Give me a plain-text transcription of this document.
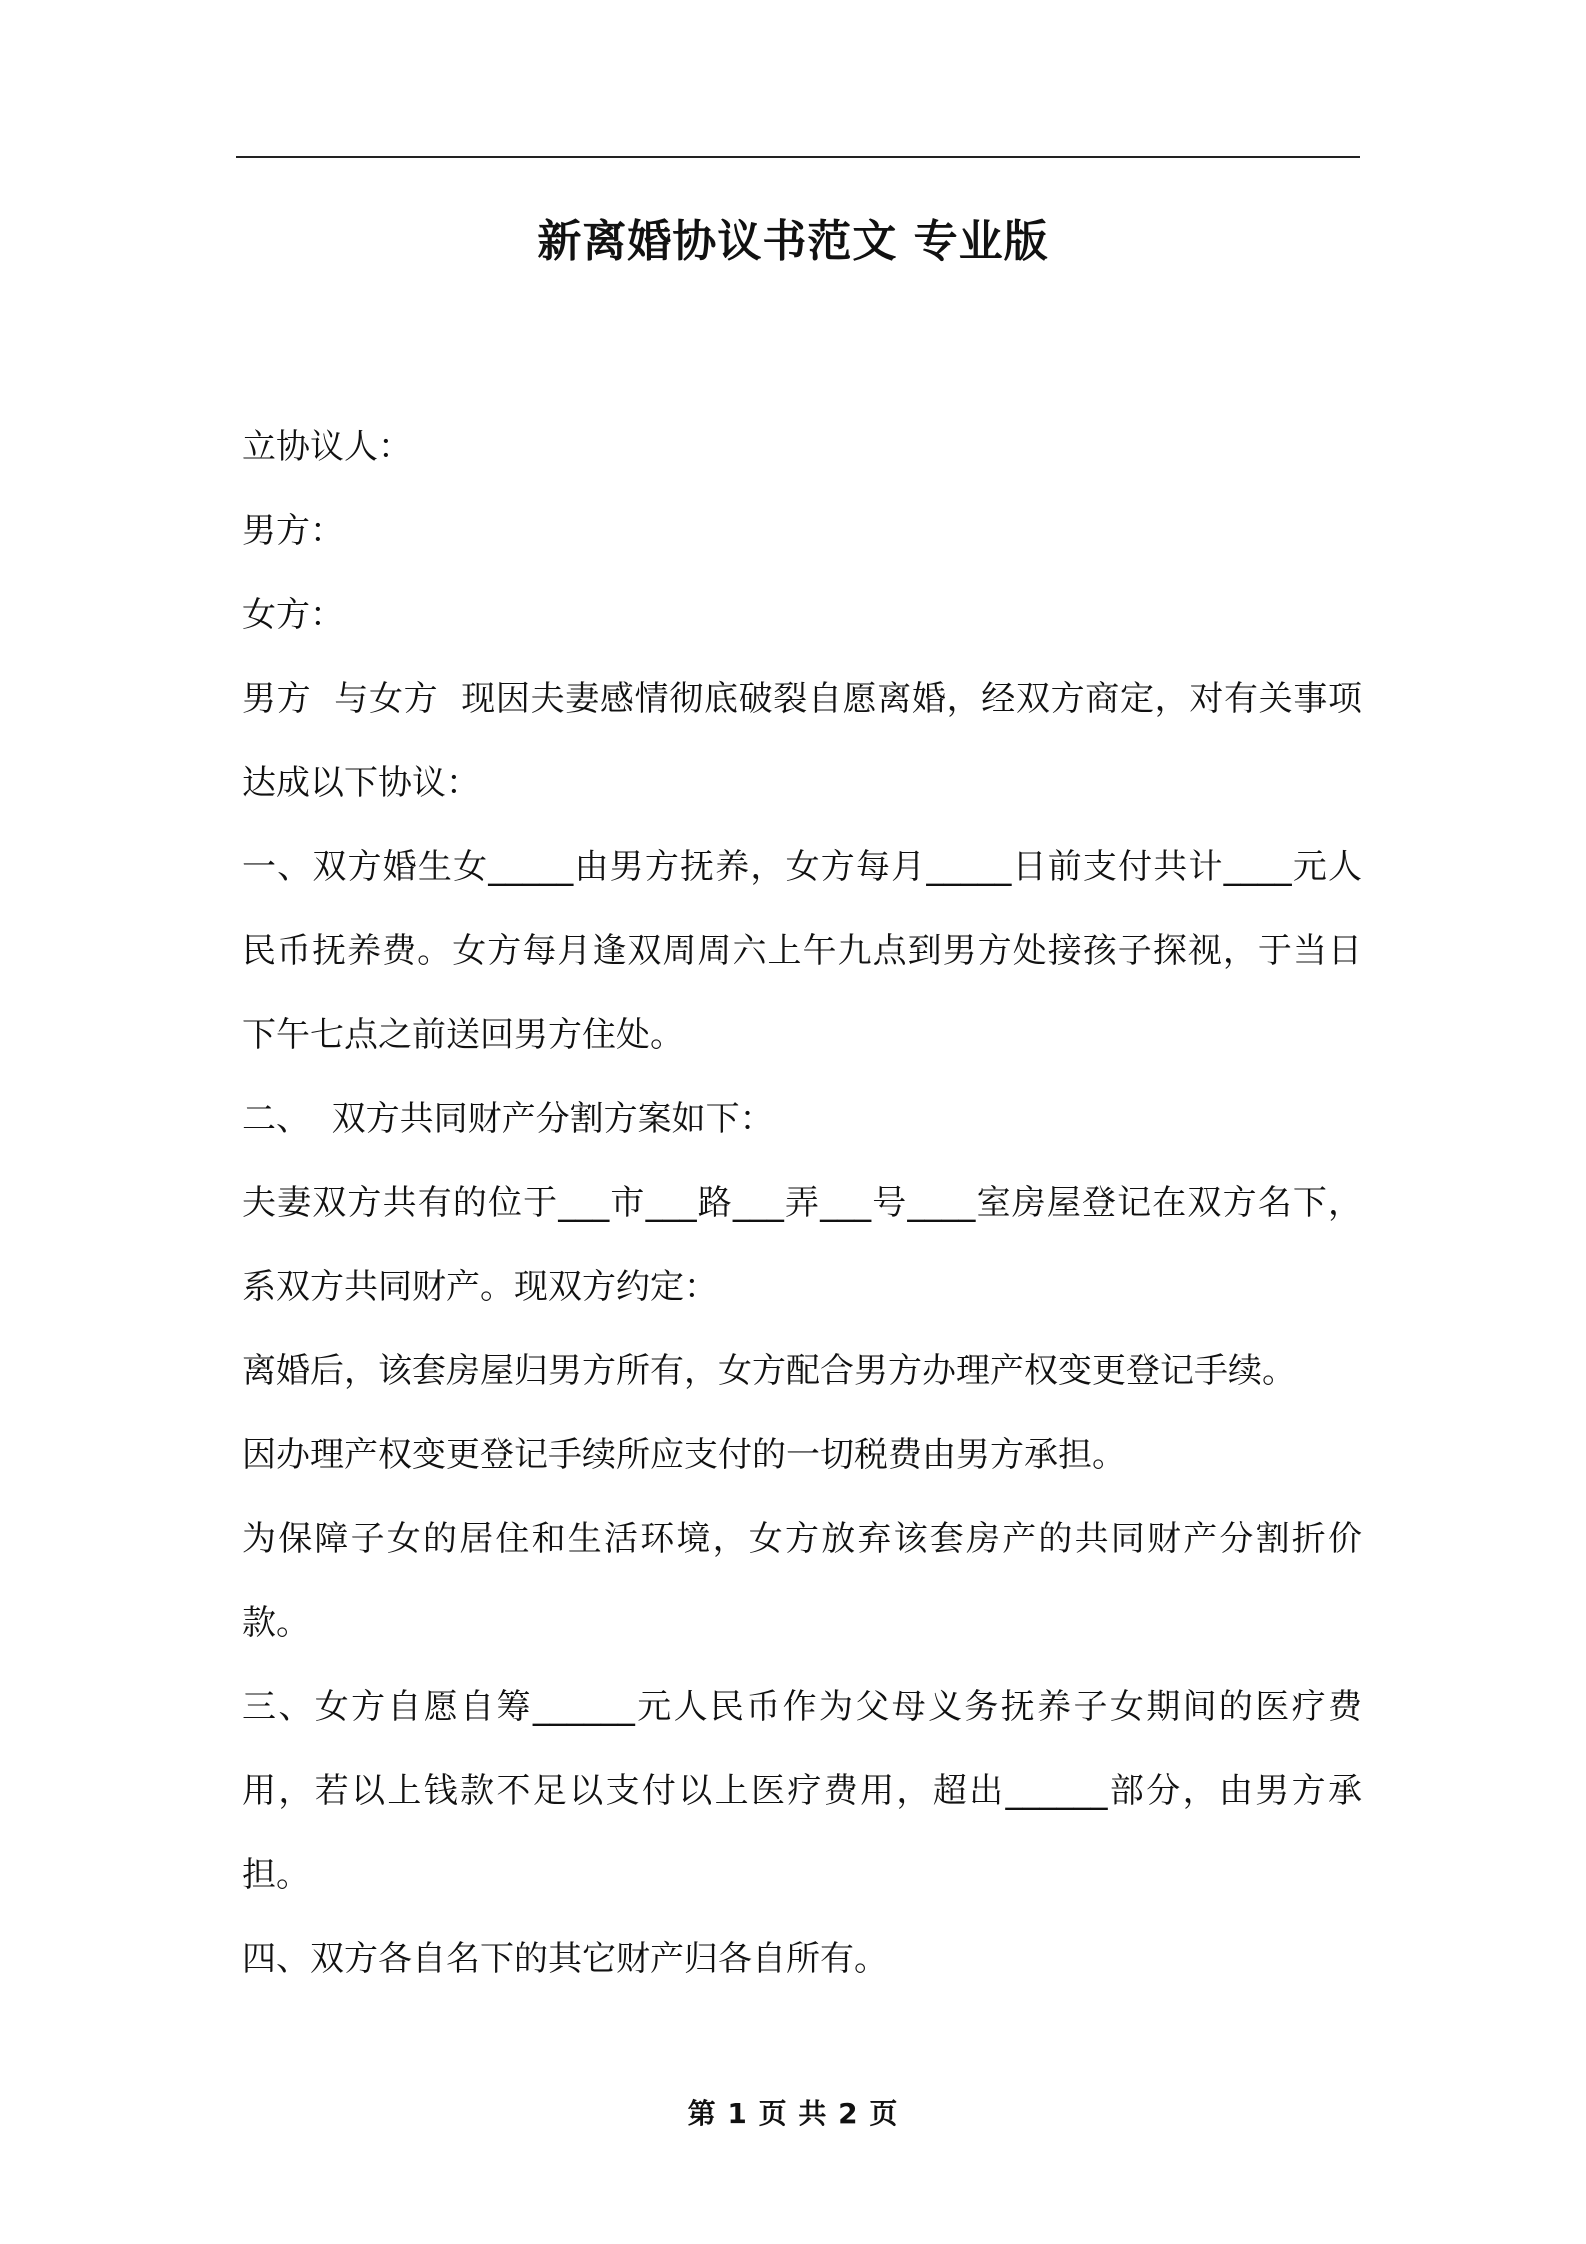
新离婚协议书范文 专业版

立协议人：

男方：

女方：

男方  与女方  现因夫妻感情彻底破裂自愿离婚，经双方商定，对有关事项达成以下协议：

一、双方婚生女_____由男方抚养，女方每月_____日前支付共计____元人民币抚养费。女方每月逢双周周六上午九点到男方处接孩子探视，于当日下午七点之前送回男方住处。

二、  双方共同财产分割方案如下：

夫妻双方共有的位于___市___路___弄___号____室房屋登记在双方名下，系双方共同财产。现双方约定：

离婚后，该套房屋归男方所有，女方配合男方办理产权变更登记手续。

因办理产权变更登记手续所应支付的一切税费由男方承担。

为保障子女的居住和生活环境，女方放弃该套房产的共同财产分割折价款。

三、女方自愿自筹______元人民币作为父母义务抚养子女期间的医疗费用，若以上钱款不足以支付以上医疗费用，超出______部分，由男方承担。

四、双方各自名下的其它财产归各自所有。

第 1 页 共 2 页
